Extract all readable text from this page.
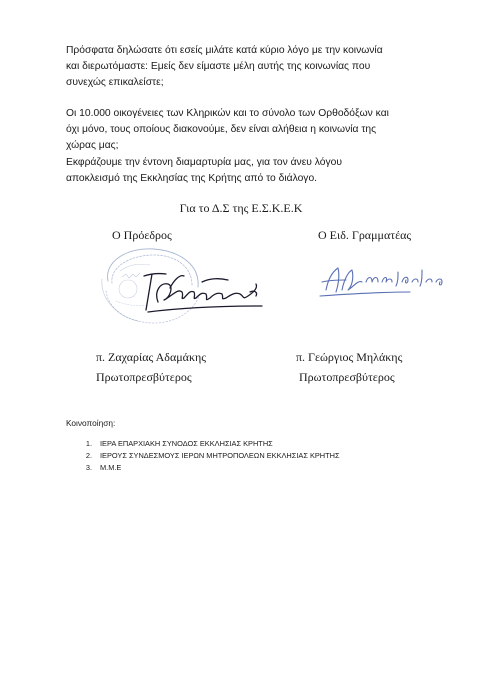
Πρόσφατα δηλώσατε ότι εσείς μιλάτε κατά κύριο λόγο με την κοινωνία
και διερωτόμαστε: Εμείς δεν είμαστε μέλη αυτής της κοινωνίας που
συνεχώς επικαλείστε;

Οι 10.000 οικογένειες των Κληρικών και το σύνολο των Ορθοδόξων και
όχι μόνο, τους οποίους διακονούμε, δεν είναι αλήθεια η κοινωνία της
χώρας μας;

Εκφράζουμε την έντονη διαμαρτυρία μας, για τον άνευ λόγου
αποκλεισμό της Εκκλησίας της Κρήτης από το διάλογο.

Για το Δ.Σ της Ε.Σ.Κ.Ε.Κ
Ο Πρόεδρος	Ο Ειδ. Γραμματέας
π. Ζαχαρίας Αδαμάκης
Πρωτοπρεσβύτερος
π. Γεώργιος Μηλάκης
Πρωτοπρεσβύτερος
Κοινοποίηση:
1. ΙΕΡΑ ΕΠΑΡΧΙΑΚΗ ΣΥΝΟΔΟΣ ΕΚΚΛΗΣΙΑΣ ΚΡΗΤΗΣ
2. ΙΕΡΟΥΣ ΣΥΝΔΕΣΜΟΥΣ ΙΕΡΩΝ ΜΗΤΡΟΠΟΛΕΩΝ ΕΚΚΛΗΣΙΑΣ ΚΡΗΤΗΣ
3. Μ.Μ.Ε
